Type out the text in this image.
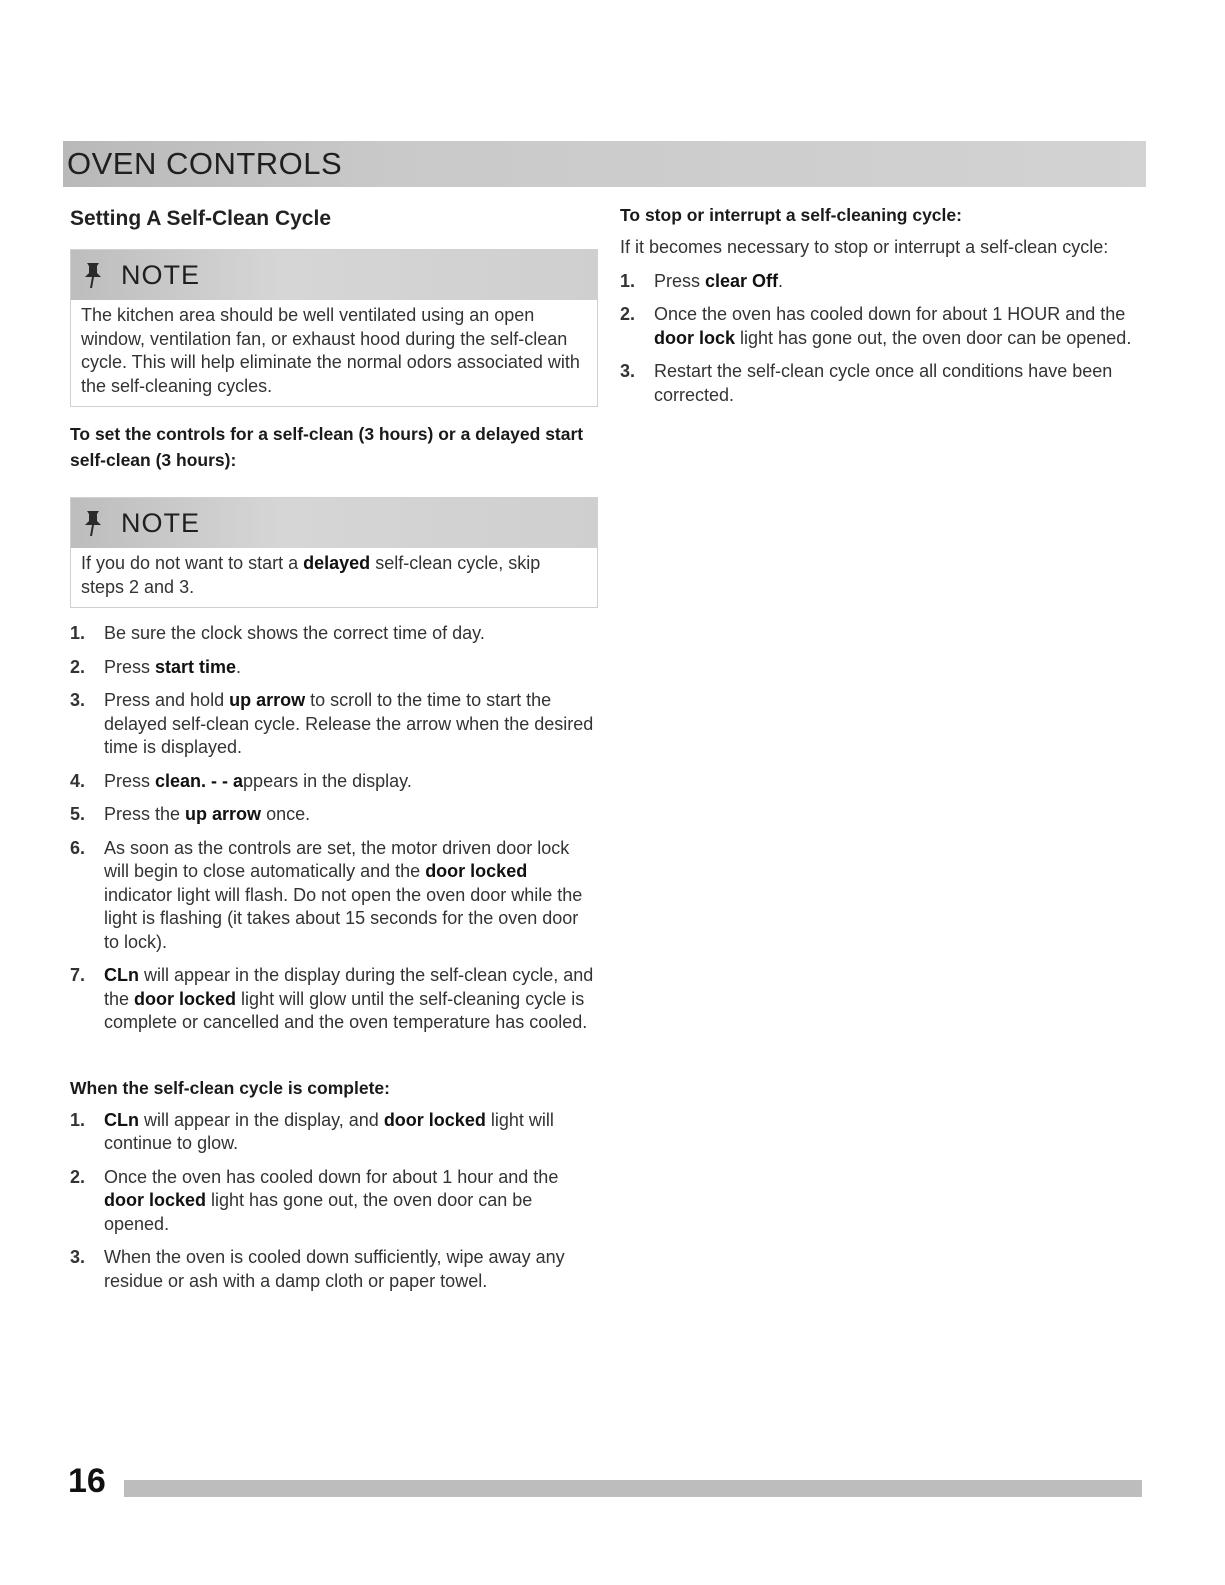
OVEN CONTROLS
Setting A Self-Clean Cycle
NOTE
The kitchen area should be well ventilated using an open window, ventilation fan, or exhaust hood during the self-clean cycle. This will help eliminate the normal odors associated with the self-cleaning cycles.

To set the controls for a self-clean (3 hours) or a delayed start self-clean (3 hours):

NOTE
If you do not want to start a delayed self-clean cycle, skip steps 2 and 3.
1. Be sure the clock shows the correct time of day.
2. Press start time.
3. Press and hold up arrow to scroll to the time to start the delayed self-clean cycle. Release the arrow when the desired time is displayed.
4. Press clean. - - appears in the display.
5. Press the up arrow once.
6. As soon as the controls are set, the motor driven door lock will begin to close automatically and the door locked indicator light will flash. Do not open the oven door while the light is flashing (it takes about 15 seconds for the oven door to lock).
7. CLn will appear in the display during the self-clean cycle, and the door locked light will glow until the self-cleaning cycle is complete or cancelled and the oven temperature has cooled.

When the self-clean cycle is complete:

1. CLn will appear in the display, and door locked light will continue to glow.
2. Once the oven has cooled down for about 1 hour and the door locked light has gone out, the oven door can be opened.
3. When the oven is cooled down sufficiently, wipe away any residue or ash with a damp cloth or paper towel.

To stop or interrupt a self-cleaning cycle:

If it becomes necessary to stop or interrupt a self-clean cycle:

1. Press clear Off.
2. Once the oven has cooled down for about 1 HOUR and the door lock light has gone out, the oven door can be opened.
3. Restart the self-clean cycle once all conditions have been corrected.
16
